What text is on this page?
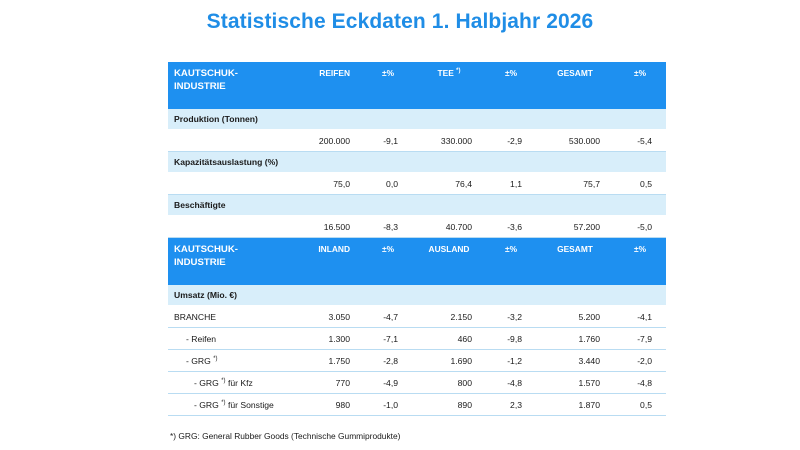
Statistische Eckdaten 1. Halbjahr 2026
KAUTSCHUK-
INDUSTRIE	REIFEN	±%	TEE *)	±%	GESAMT	±%
Produktion (Tonnen)						
	200.000	-9,1	330.000	-2,9	530.000	-5,4
Kapazitätsauslastung (%)						
	75,0	0,0	76,4	1,1	75,7	0,5
Beschäftigte						
	16.500	-8,3	40.700	-3,6	57.200	-5,0
KAUTSCHUK-
INDUSTRIE	INLAND	±%	AUSLAND	±%	GESAMT	±%
Umsatz (Mio. €)						
BRANCHE	3.050	-4,7	2.150	-3,2	5.200	-4,1
- Reifen	1.300	-7,1	460	-9,8	1.760	-7,9
- GRG *)	1.750	-2,8	1.690	-1,2	3.440	-2,0
- GRG *) für Kfz	770	-4,9	800	-4,8	1.570	-4,8
- GRG *) für Sonstige	980	-1,0	890	2,3	1.870	0,5
*) GRG: General Rubber Goods (Technische Gummiprodukte)
